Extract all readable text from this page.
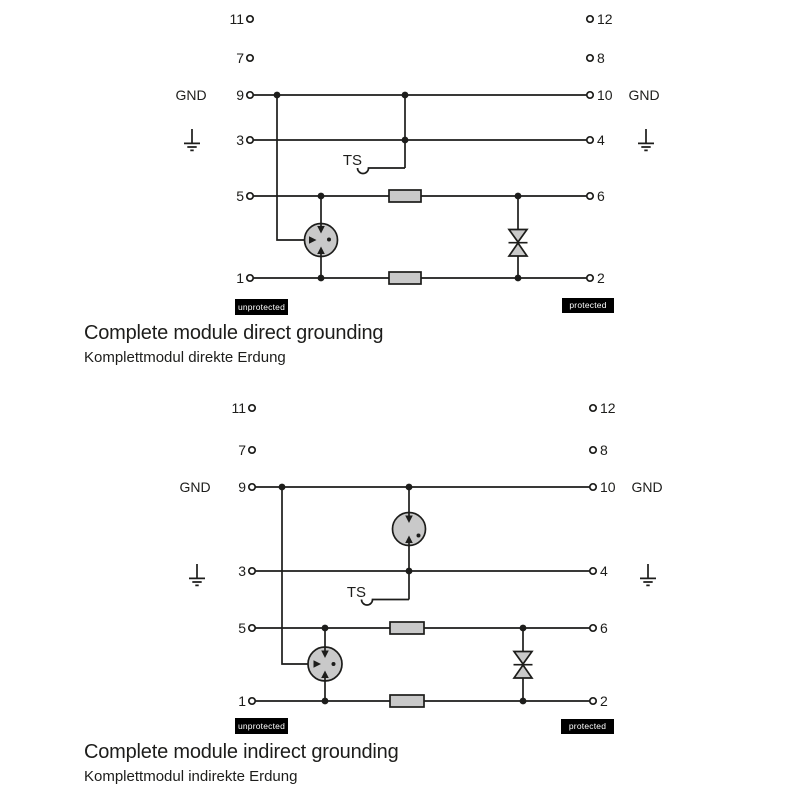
11
7
9
3
5
1
12
8
10
4
6
2
GND	GND
TS
11
7
9
3
5
1
12
8
10
4
6
2
GND	GND
TS
unprotected	protected
unprotected	protected
Complete module direct grounding
Komplettmodul direkte Erdung
Complete module indirect grounding
Komplettmodul indirekte Erdung
